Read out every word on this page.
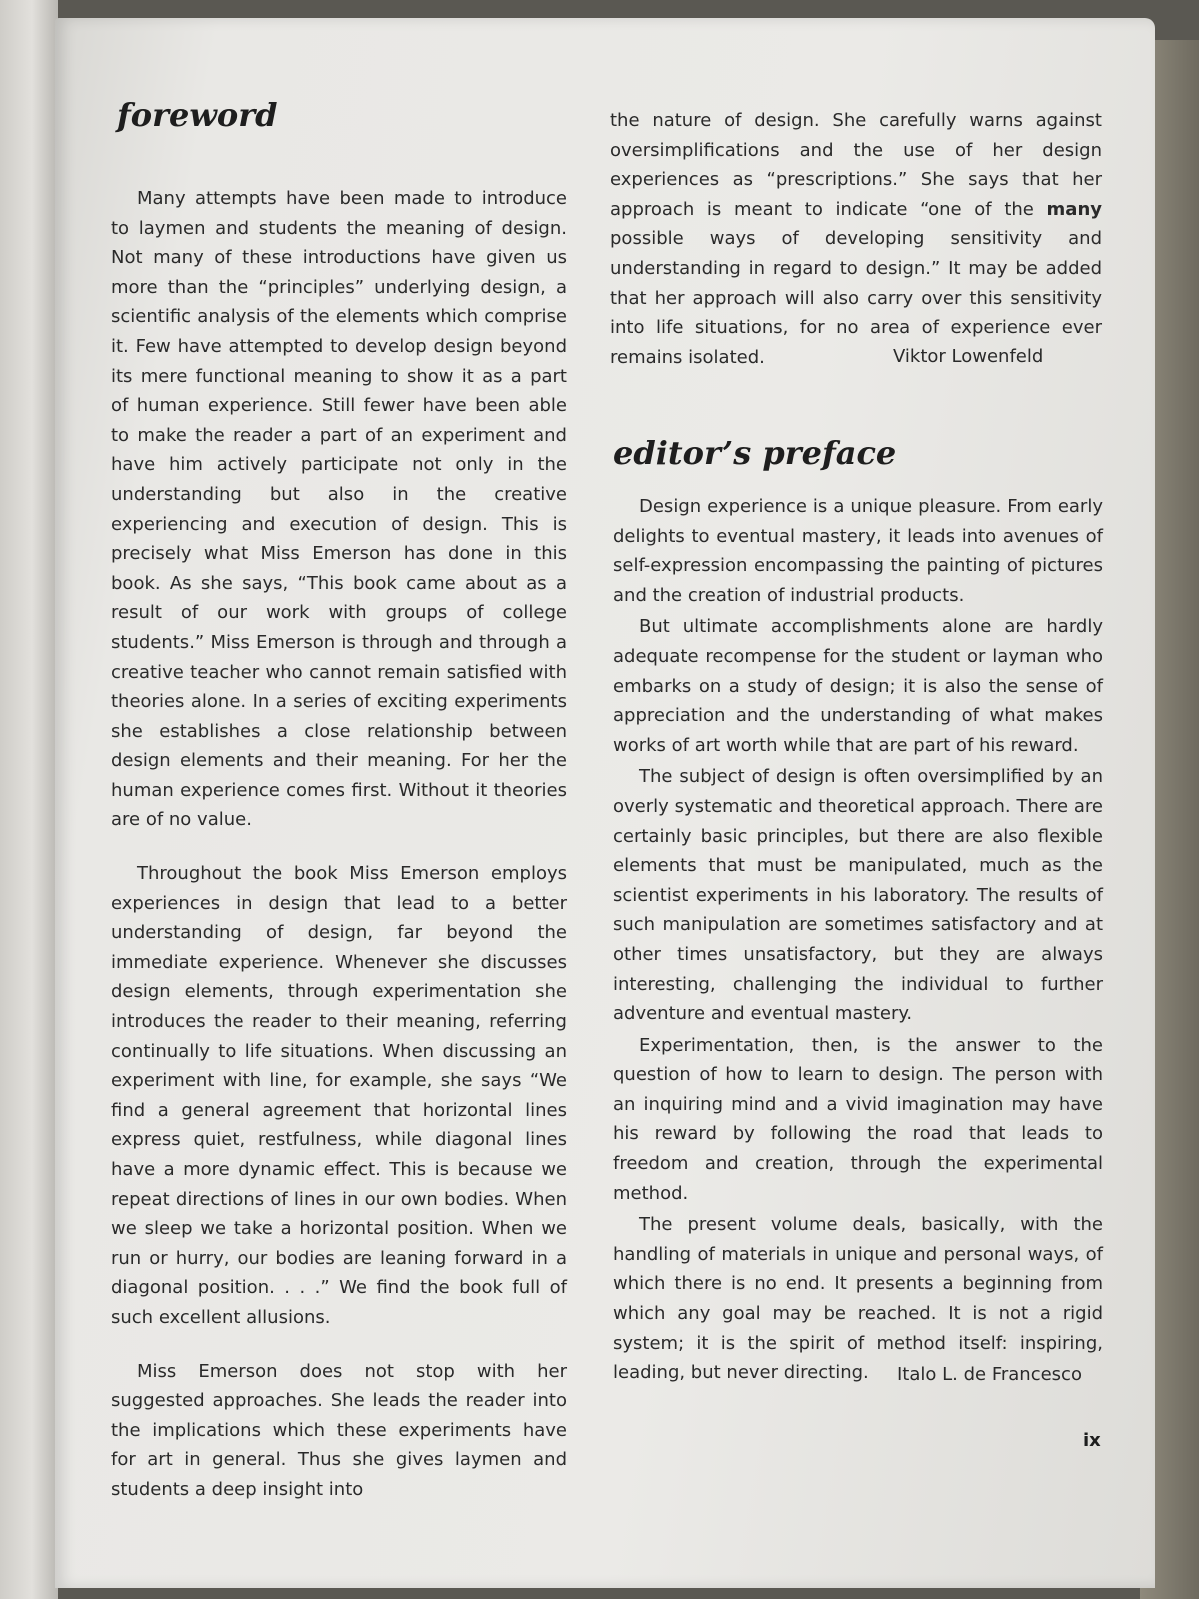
foreword

Many attempts have been made to introduce to laymen and students the meaning of design. Not many of these introductions have given us more than the “principles” underlying design, a scientific analysis of the elements which comprise it. Few have attempted to develop design beyond its mere functional meaning to show it as a part of human experience. Still fewer have been able to make the reader a part of an experiment and have him actively participate not only in the understanding but also in the creative experiencing and execution of design. This is precisely what Miss Emerson has done in this book. As she says, “This book came about as a result of our work with groups of college students.” Miss Emerson is through and through a creative teacher who cannot remain satisfied with theories alone. In a series of exciting experiments she establishes a close relationship between design elements and their meaning. For her the human experience comes first. Without it theories are of no value.

Throughout the book Miss Emerson employs experiences in design that lead to a better understanding of design, far beyond the immediate experience. Whenever she discusses design elements, through experimentation she introduces the reader to their meaning, referring continually to life situations. When discussing an experiment with line, for example, she says “We find a general agreement that horizontal lines express quiet, restfulness, while diagonal lines have a more dynamic effect. This is because we repeat directions of lines in our own bodies. When we sleep we take a horizontal position. When we run or hurry, our bodies are leaning forward in a diagonal position. . . .” We find the book full of such excellent allusions.

Miss Emerson does not stop with her suggested approaches. She leads the reader into the implications which these experiments have for art in general. Thus she gives laymen and students a deep insight into

the nature of design. She carefully warns against oversimplifications and the use of her design experiences as “prescriptions.” She says that her approach is meant to indicate “one of the many possible ways of developing sensitivity and understanding in regard to design.” It may be added that her approach will also carry over this sensitivity into life situations, for no area of experience ever remains isolated.	Viktor Lowenfeld
editor’s preface

Design experience is a unique pleasure. From early delights to eventual mastery, it leads into avenues of self-expression encompassing the painting of pictures and the creation of industrial products.

But ultimate accomplishments alone are hardly adequate recompense for the student or layman who embarks on a study of design; it is also the sense of appreciation and the understanding of what makes works of art worth while that are part of his reward.

The subject of design is often oversimplified by an overly systematic and theoretical approach. There are certainly basic principles, but there are also flexible elements that must be manipulated, much as the scientist experiments in his laboratory. The results of such manipulation are sometimes satisfactory and at other times unsatisfactory, but they are always interesting, challenging the individual to further adventure and eventual mastery.

Experimentation, then, is the answer to the question of how to learn to design. The person with an inquiring mind and a vivid imagination may have his reward by following the road that leads to freedom and creation, through the experimental method.

The present volume deals, basically, with the handling of materials in unique and personal ways, of which there is no end. It presents a beginning from which any goal may be reached. It is not a rigid system; it is the spirit of method itself: inspiring, leading, but never directing.	Italo L. de Francesco
ix
